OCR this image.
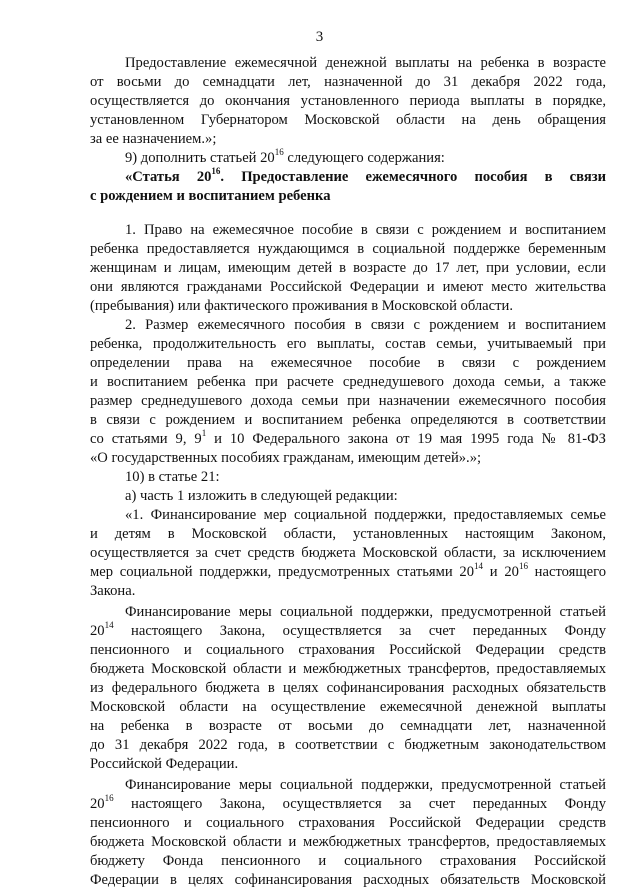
3
Предоставление ежемесячной денежной выплаты на ребенка в возрасте
от восьми до семнадцати лет, назначенной до 31 декабря 2022 года,
осуществляется до окончания установленного периода выплаты в порядке,
установленном Губернатором Московской области на день обращения
за ее назначением.»;
9) дополнить статьей $20^{16}$ следующего содержания:
«Статья $20^{16}$. Предоставление ежемесячного пособия в связи
с рождением и воспитанием ребенка
1. Право на ежемесячное пособие в связи с рождением и воспитанием
ребенка предоставляется нуждающимся в социальной поддержке беременным
женщинам и лицам, имеющим детей в возрасте до 17 лет, при условии, если
они являются гражданами Российской Федерации и имеют место жительства
(пребывания) или фактического проживания в Московской области.
2. Размер ежемесячного пособия в связи с рождением и воспитанием
ребенка, продолжительность его выплаты, состав семьи, учитываемый при
определении права на ежемесячное пособие в связи с рождением
и воспитанием ребенка при расчете среднедушевого дохода семьи, а также
размер среднедушевого дохода семьи при назначении ежемесячного пособия
в связи с рождением и воспитанием ребенка определяются в соответствии
со статьями 9, $9^1$ и 10 Федерального закона от 19 мая 1995 года № 81-ФЗ
«О государственных пособиях гражданам, имеющим детей».»;
10) в статье 21:
а) часть 1 изложить в следующей редакции:
«1. Финансирование мер социальной поддержки, предоставляемых семье
и детям в Московской области, установленных настоящим Законом,
осуществляется за счет средств бюджета Московской области, за исключением
мер социальной поддержки, предусмотренных статьями $20^{14}$ и $20^{16}$ настоящего
Закона.
Финансирование меры социальной поддержки, предусмотренной статьей
$20^{14}$ настоящего Закона, осуществляется за счет переданных Фонду
пенсионного и социального страхования Российской Федерации средств
бюджета Московской области и межбюджетных трансфертов, предоставляемых
из федерального бюджета в целях софинансирования расходных обязательств
Московской области на осуществление ежемесячной денежной выплаты
на ребенка в возрасте от восьми до семнадцати лет, назначенной
до 31 декабря 2022 года, в соответствии с бюджетным законодательством
Российской Федерации.
Финансирование меры социальной поддержки, предусмотренной статьей
$20^{16}$ настоящего Закона, осуществляется за счет переданных Фонду
пенсионного и социального страхования Российской Федерации средств
бюджета Московской области и межбюджетных трансфертов, предоставляемых
бюджету Фонда пенсионного и социального страхования Российской
Федерации в целях софинансирования расходных обязательств Московской
